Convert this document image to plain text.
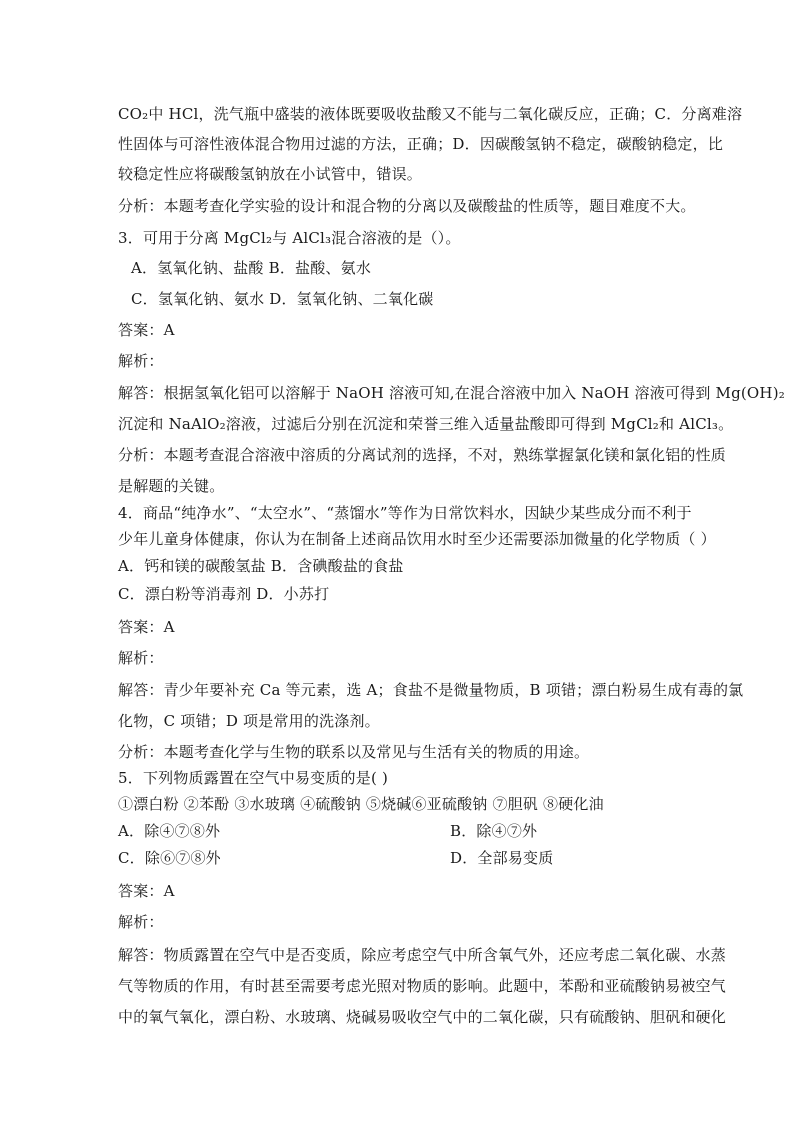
CO₂中 HCl，洗气瓶中盛装的液体既要吸收盐酸又不能与二氧化碳反应，正确；C．分离难溶
性固体与可溶性液体混合物用过滤的方法，正确；D．因碳酸氢钠不稳定，碳酸钠稳定，比
较稳定性应将碳酸氢钠放在小试管中，错误。
分析：本题考查化学实验的设计和混合物的分离以及碳酸盐的性质等，题目难度不大。
3．可用于分离 MgCl₂与 AlCl₃混合溶液的是（）。
A．氢氧化钠、盐酸 B．盐酸、氨水
C．氢氧化钠、氨水 D．氢氧化钠、二氧化碳
答案：A
解析：
解答：根据氢氧化铝可以溶解于 NaOH 溶液可知,在混合溶液中加入 NaOH 溶液可得到 Mg(OH)₂
沉淀和 NaAlO₂溶液，过滤后分别在沉淀和荣誉三维入适量盐酸即可得到 MgCl₂和 AlCl₃。
分析：本题考查混合溶液中溶质的分离试剂的选择，不对，熟练掌握氯化镁和氯化铝的性质
是解题的关键。
4．商品“纯净水”、“太空水”、“蒸馏水”等作为日常饮料水，因缺少某些成分而不利于
少年儿童身体健康，你认为在制备上述商品饮用水时至少还需要添加微量的化学物质（ ）
A．钙和镁的碳酸氢盐 B．含碘酸盐的食盐
C．漂白粉等消毒剂 D．小苏打
答案：A
解析：
解答：青少年要补充 Ca 等元素，选 A；食盐不是微量物质，B 项错；漂白粉易生成有毒的氯
化物，C 项错；D 项是常用的洗涤剂。
分析：本题考查化学与生物的联系以及常见与生活有关的物质的用途。
5．下列物质露置在空气中易变质的是( )
①漂白粉 ②苯酚 ③水玻璃 ④硫酸钠 ⑤烧碱⑥亚硫酸钠 ⑦胆矾 ⑧硬化油
A．除④⑦⑧外	B．除④⑦外
C．除⑥⑦⑧外	D．全部易变质
答案：A
解析：
解答：物质露置在空气中是否变质，除应考虑空气中所含氧气外，还应考虑二氧化碳、水蒸
气等物质的作用，有时甚至需要考虑光照对物质的影响。此题中，苯酚和亚硫酸钠易被空气
中的氧气氧化，漂白粉、水玻璃、烧碱易吸收空气中的二氧化碳，只有硫酸钠、胆矾和硬化
